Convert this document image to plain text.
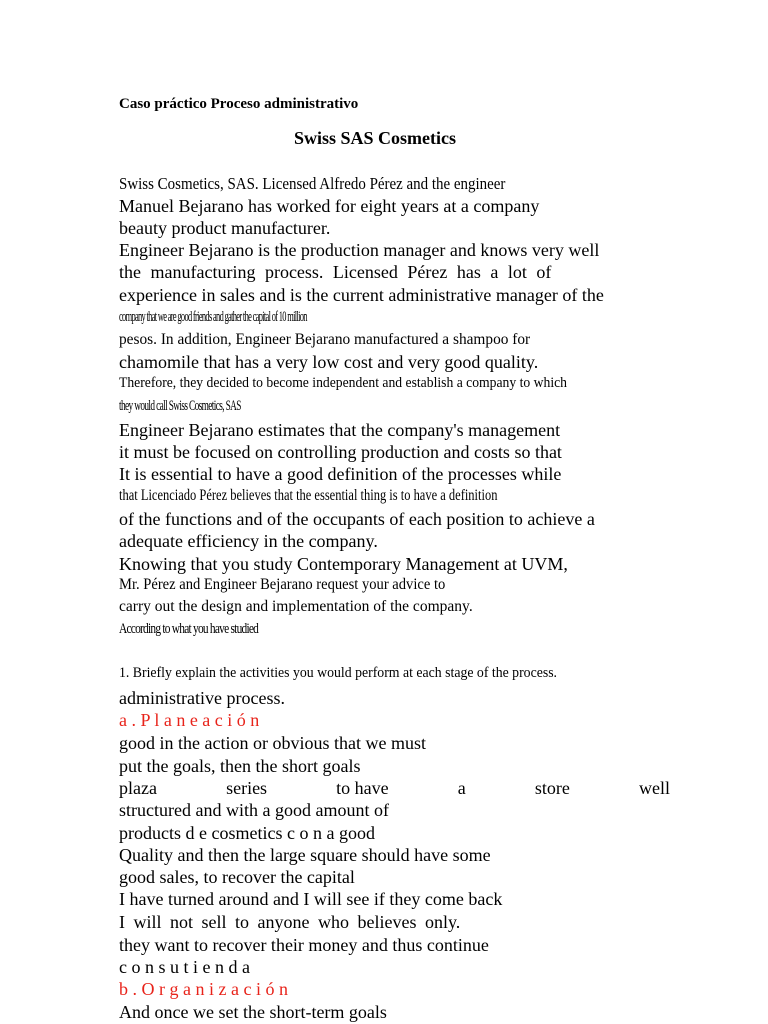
Caso práctico Proceso administrativo

Swiss SAS Cosmetics

Swiss Cosmetics, SAS. Licensed Alfredo Pérez and the engineer

Manuel Bejarano has worked for eight years at a company

beauty product manufacturer.

Engineer Bejarano is the production manager and knows very well

the manufacturing process. Licensed Pérez has a lot of

experience in sales and is the current administrative manager of the

company that we are good friends and gather the capital of 10 million

pesos. In addition, Engineer Bejarano manufactured a shampoo for

chamomile that has a very low cost and very good quality.

Therefore, they decided to become independent and establish a company to which

they would call Swiss Cosmetics, SAS

Engineer Bejarano estimates that the company's management

it must be focused on controlling production and costs so that

It is essential to have a good definition of the processes while

that Licenciado Pérez believes that the essential thing is to have a definition

of the functions and of the occupants of each position to achieve a

adequate efficiency in the company.

Knowing that you study Contemporary Management at UVM,

Mr. Pérez and Engineer Bejarano request your advice to

carry out the design and implementation of the company.

According to what you have studied

1. Briefly explain the activities you would perform at each stage of the process.

administrative process.

a . P l a n e a c i ó n

good in the action or obvious that we must

put the goals, then the short goals

plaza	series	to have	a	store	well

structured and with a good amount of

products d e cosmetics c o n a good

Quality and then the large square should have some

good sales, to recover the capital

I have turned around and I will see if they come back

I will not sell to anyone who believes only.

they want to recover their money and thus continue

c o n s u t i e n d a

b . O r g a n i z a c i ó n

And once we set the short-term goals
